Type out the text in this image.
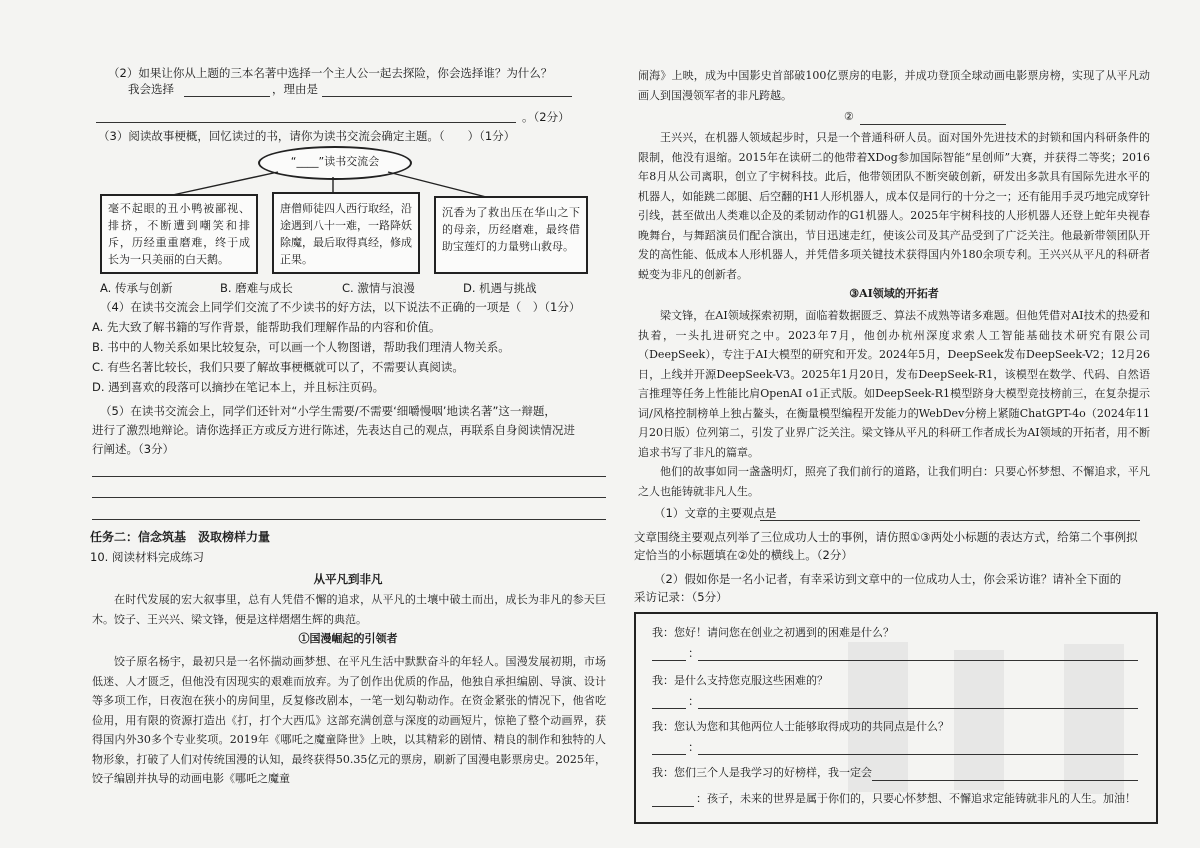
（2）如果让你从上题的三本名著中选择一个主人公一起去探险，你会选择谁？为什么？
我会选择	，理由是
。（2分）
（3）阅读故事梗概，回忆读过的书，请你为读书交流会确定主题。（　　）（1分）
“____”读书交流会
毫不起眼的丑小鸭被鄙视、排挤，不断遭到嘲笑和排斥，历经重重磨难，终于成长为一只美丽的白天鹅。
唐僧师徒四人西行取经，沿途遇到八十一难，一路降妖除魔，最后取得真经，修成正果。
沉香为了救出压在华山之下的母亲，历经磨难，最终借助宝莲灯的力量劈山救母。
A. 传承与创新	B. 磨难与成长	C. 激情与浪漫	D. 机遇与挑战
（4）在读书交流会上同学们交流了不少读书的好方法，以下说法不正确的一项是（　）（1分）
A. 先大致了解书籍的写作背景，能帮助我们理解作品的内容和价值。
B. 书中的人物关系如果比较复杂，可以画一个人物图谱，帮助我们理清人物关系。
C. 有些名著比较长，我们只要了解故事梗概就可以了，不需要认真阅读。
D. 遇到喜欢的段落可以摘抄在笔记本上，并且标注页码。
（5）在读书交流会上，同学们还针对“小学生需要/不需要‘细嚼慢咽’地读名著”这一辩题，
进行了激烈地辩论。请你选择正方或反方进行陈述，先表达自己的观点，再联系自身阅读情况进
行阐述。（3分）
任务二：信念筑基　汲取榜样力量
10. 阅读材料完成练习
从平凡到非凡
在时代发展的宏大叙事里，总有人凭借不懈的追求，从平凡的土壤中破土而出，成长为非凡的参天巨木。饺子、王兴兴、梁文锋，便是这样熠熠生辉的典范。
①国漫崛起的引领者
饺子原名杨宇，最初只是一名怀揣动画梦想、在平凡生活中默默奋斗的年轻人。国漫发展初期，市场低迷、人才匮乏，但他没有因现实的艰难而放弃。为了创作出优质的作品，他独自承担编剧、导演、设计等多项工作，日夜泡在狭小的房间里，反复修改剧本，一笔一划勾勒动作。在资金紧张的情况下，他省吃俭用，用有限的资源打造出《打，打个大西瓜》这部充满创意与深度的动画短片，惊艳了整个动画界，获得国内外30多个专业奖项。2019年《哪吒之魔童降世》上映，以其精彩的剧情、精良的制作和独特的人物形象，打破了人们对传统国漫的认知，最终获得50.35亿元的票房，刷新了国漫电影票房史。2025年，饺子编剧并执导的动画电影《哪吒之魔童
闹海》上映，成为中国影史首部破100亿票房的电影，并成功登顶全球动画电影票房榜，实现了从平凡动画人到国漫领军者的非凡跨越。
②
王兴兴，在机器人领域起步时，只是一个普通科研人员。面对国外先进技术的封锁和国内科研条件的限制，他没有退缩。2015年在读研二的他带着XDog参加国际智能“星创师”大赛，并获得二等奖；2016年8月从公司离职，创立了宇树科技。此后，他带领团队不断突破创新，研发出多款具有国际先进水平的机器人，如能跳二郎腿、后空翻的H1人形机器人，成本仅是同行的十分之一；还有能用手灵巧地完成穿针引线，甚至做出人类难以企及的柔韧动作的G1机器人。2025年宇树科技的人形机器人还登上蛇年央视春晚舞台，与舞蹈演员们配合演出，节目迅速走红，使该公司及其产品受到了广泛关注。他最新带领团队开发的高性能、低成本人形机器人，并凭借多项关键技术获得国内外180余项专利。王兴兴从平凡的科研者蜕变为非凡的创新者。
③AI领域的开拓者
梁文锋，在AI领域探索初期，面临着数据匮乏、算法不成熟等诸多难题。但他凭借对AI技术的热爱和执着，一头扎进研究之中。2023年7月，他创办杭州深度求索人工智能基础技术研究有限公司（DeepSeek），专注于AI大模型的研究和开发。2024年5月，DeepSeek发布DeepSeek-V2；12月26日，上线并开源DeepSeek-V3。2025年1月20日，发布DeepSeek-R1，该模型在数学、代码、自然语言推理等任务上性能比肩OpenAI o1正式版。如DeepSeek-R1模型跻身大模型竞技榜前三，在复杂提示词/风格控制榜单上独占鳌头，在衡量模型编程开发能力的WebDev分榜上紧随ChatGPT-4o（2024年11月20日版）位列第二，引发了业界广泛关注。梁文锋从平凡的科研工作者成长为AI领域的开拓者，用不断追求书写了非凡的篇章。
他们的故事如同一盏盏明灯，照亮了我们前行的道路，让我们明白：只要心怀梦想、不懈追求，平凡之人也能铸就非凡人生。
（1）文章的主要观点是
文章围绕主要观点列举了三位成功人士的事例，请仿照①③两处小标题的表达方式，给第二个事例拟
定恰当的小标题填在②处的横线上。（2分）
（2）假如你是一名小记者，有幸采访到文章中的一位成功人士，你会采访谁？请补全下面的
采访记录：（5分）
我：您好！请问您在创业之初遇到的困难是什么？
：
我：是什么支持您克服这些困难的？
：
我：您认为您和其他两位人士能够取得成功的共同点是什么？
：
我：您们三个人是我学习的好榜样，我一定会
：孩子，未来的世界是属于你们的，只要心怀梦想、不懈追求定能铸就非凡的人生。加油！
